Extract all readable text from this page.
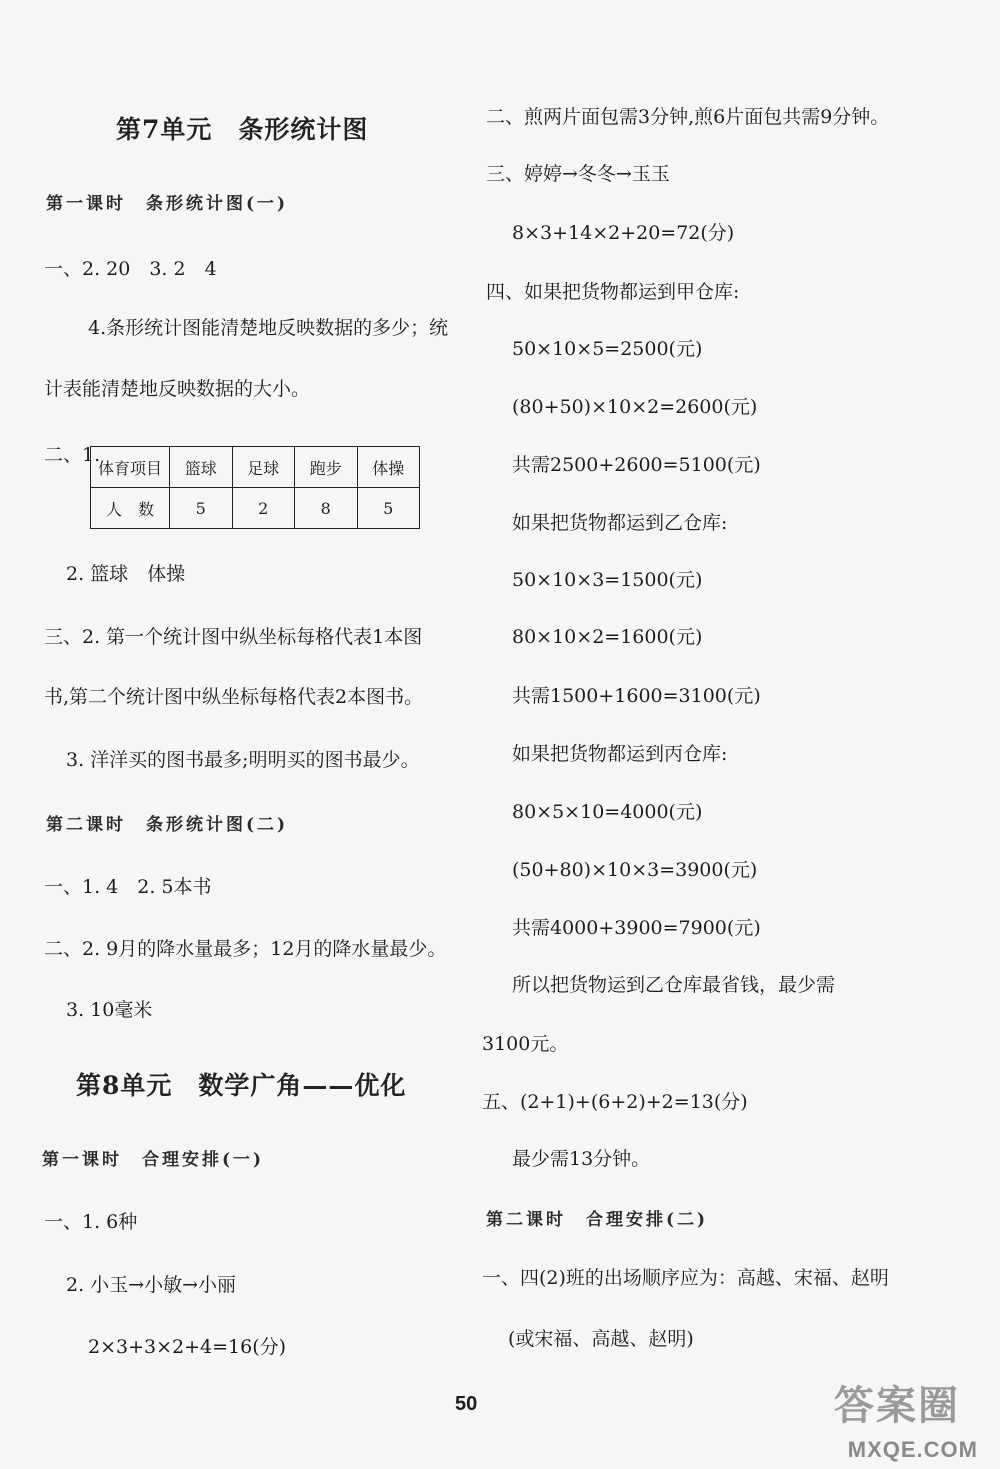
第7单元　条形统计图
第一课时　条形统计图(一)
一、2. 20　3. 2　4
4.条形统计图能清楚地反映数据的多少；统
计表能清楚地反映数据的大小。
二、1.
体育项目	篮球	足球	跑步	体操
人　数	5	2	8	5
2. 篮球　体操
三、2. 第一个统计图中纵坐标每格代表1本图
书,第二个统计图中纵坐标每格代表2本图书。
3. 洋洋买的图书最多;明明买的图书最少。
第二课时　条形统计图(二)
一、1. 4　2. 5本书
二、2. 9月的降水量最多；12月的降水量最少。
3. 10毫米
第8单元　数学广角——优化
第一课时　合理安排(一)
一、1. 6种
2. 小玉→小敏→小丽
2×3+3×2+4=16(分)
二、煎两片面包需3分钟,煎6片面包共需9分钟。
三、婷婷→冬冬→玉玉
8×3+14×2+20=72(分)
四、如果把货物都运到甲仓库:
50×10×5=2500(元)
(80+50)×10×2=2600(元)
共需2500+2600=5100(元)
如果把货物都运到乙仓库:
50×10×3=1500(元)
80×10×2=1600(元)
共需1500+1600=3100(元)
如果把货物都运到丙仓库:
80×5×10=4000(元)
(50+80)×10×3=3900(元)
共需4000+3900=7900(元)
所以把货物运到乙仓库最省钱，最少需
3100元。
五、(2+1)+(6+2)+2=13(分)
最少需13分钟。
第二课时　合理安排(二)
一、四(2)班的出场顺序应为：高越、宋福、赵明
(或宋福、高越、赵明)
50	答案圈
MXQE.COM
